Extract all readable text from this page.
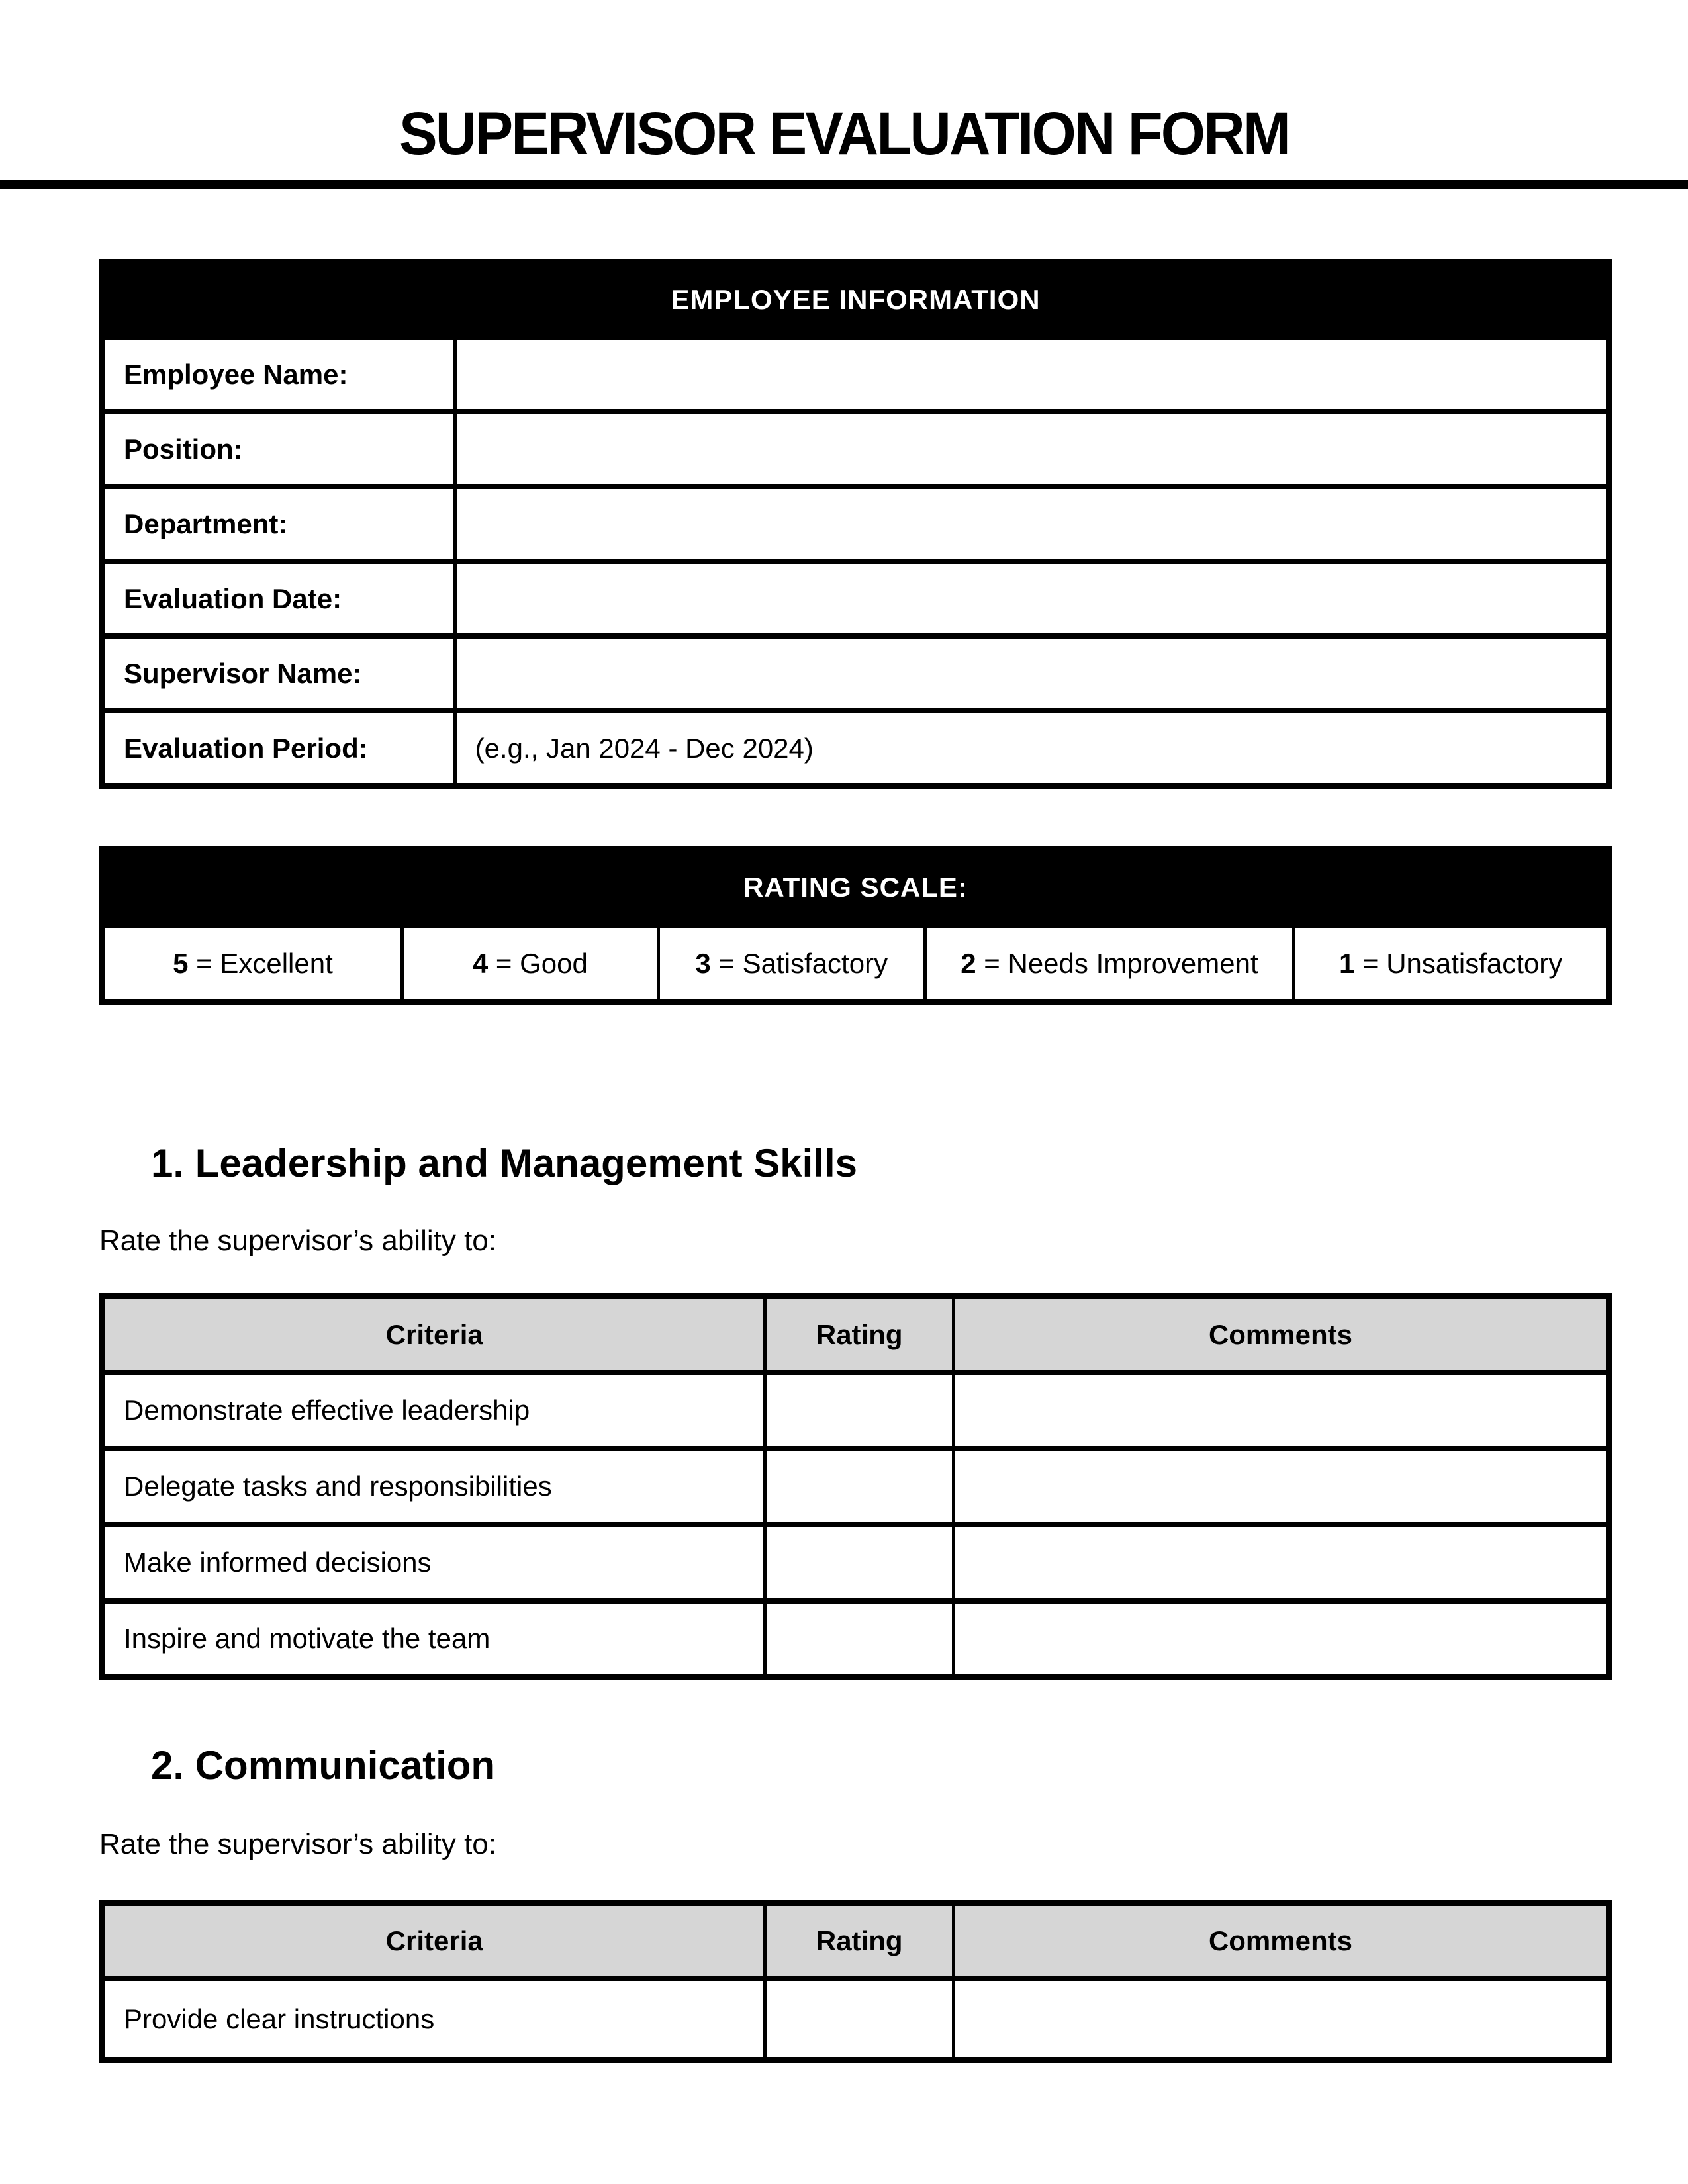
SUPERVISOR EVALUATION FORM
EMPLOYEE INFORMATION	
Employee Name:	
Position:	
Department:	
Evaluation Date:	
Supervisor Name:	
Evaluation Period:	(e.g., Jan 2024 - Dec 2024)
RATING SCALE:
5 = Excellent	4 = Good	3 = Satisfactory	2 = Needs Improvement	1 = Unsatisfactory
1. Leadership and Management Skills

Rate the supervisor’s ability to:

Criteria	Rating	Comments
Demonstrate effective leadership		
Delegate tasks and responsibilities		
Make informed decisions		
Inspire and motivate the team		
2. Communication

Rate the supervisor’s ability to:

Criteria	Rating	Comments
Provide clear instructions		
